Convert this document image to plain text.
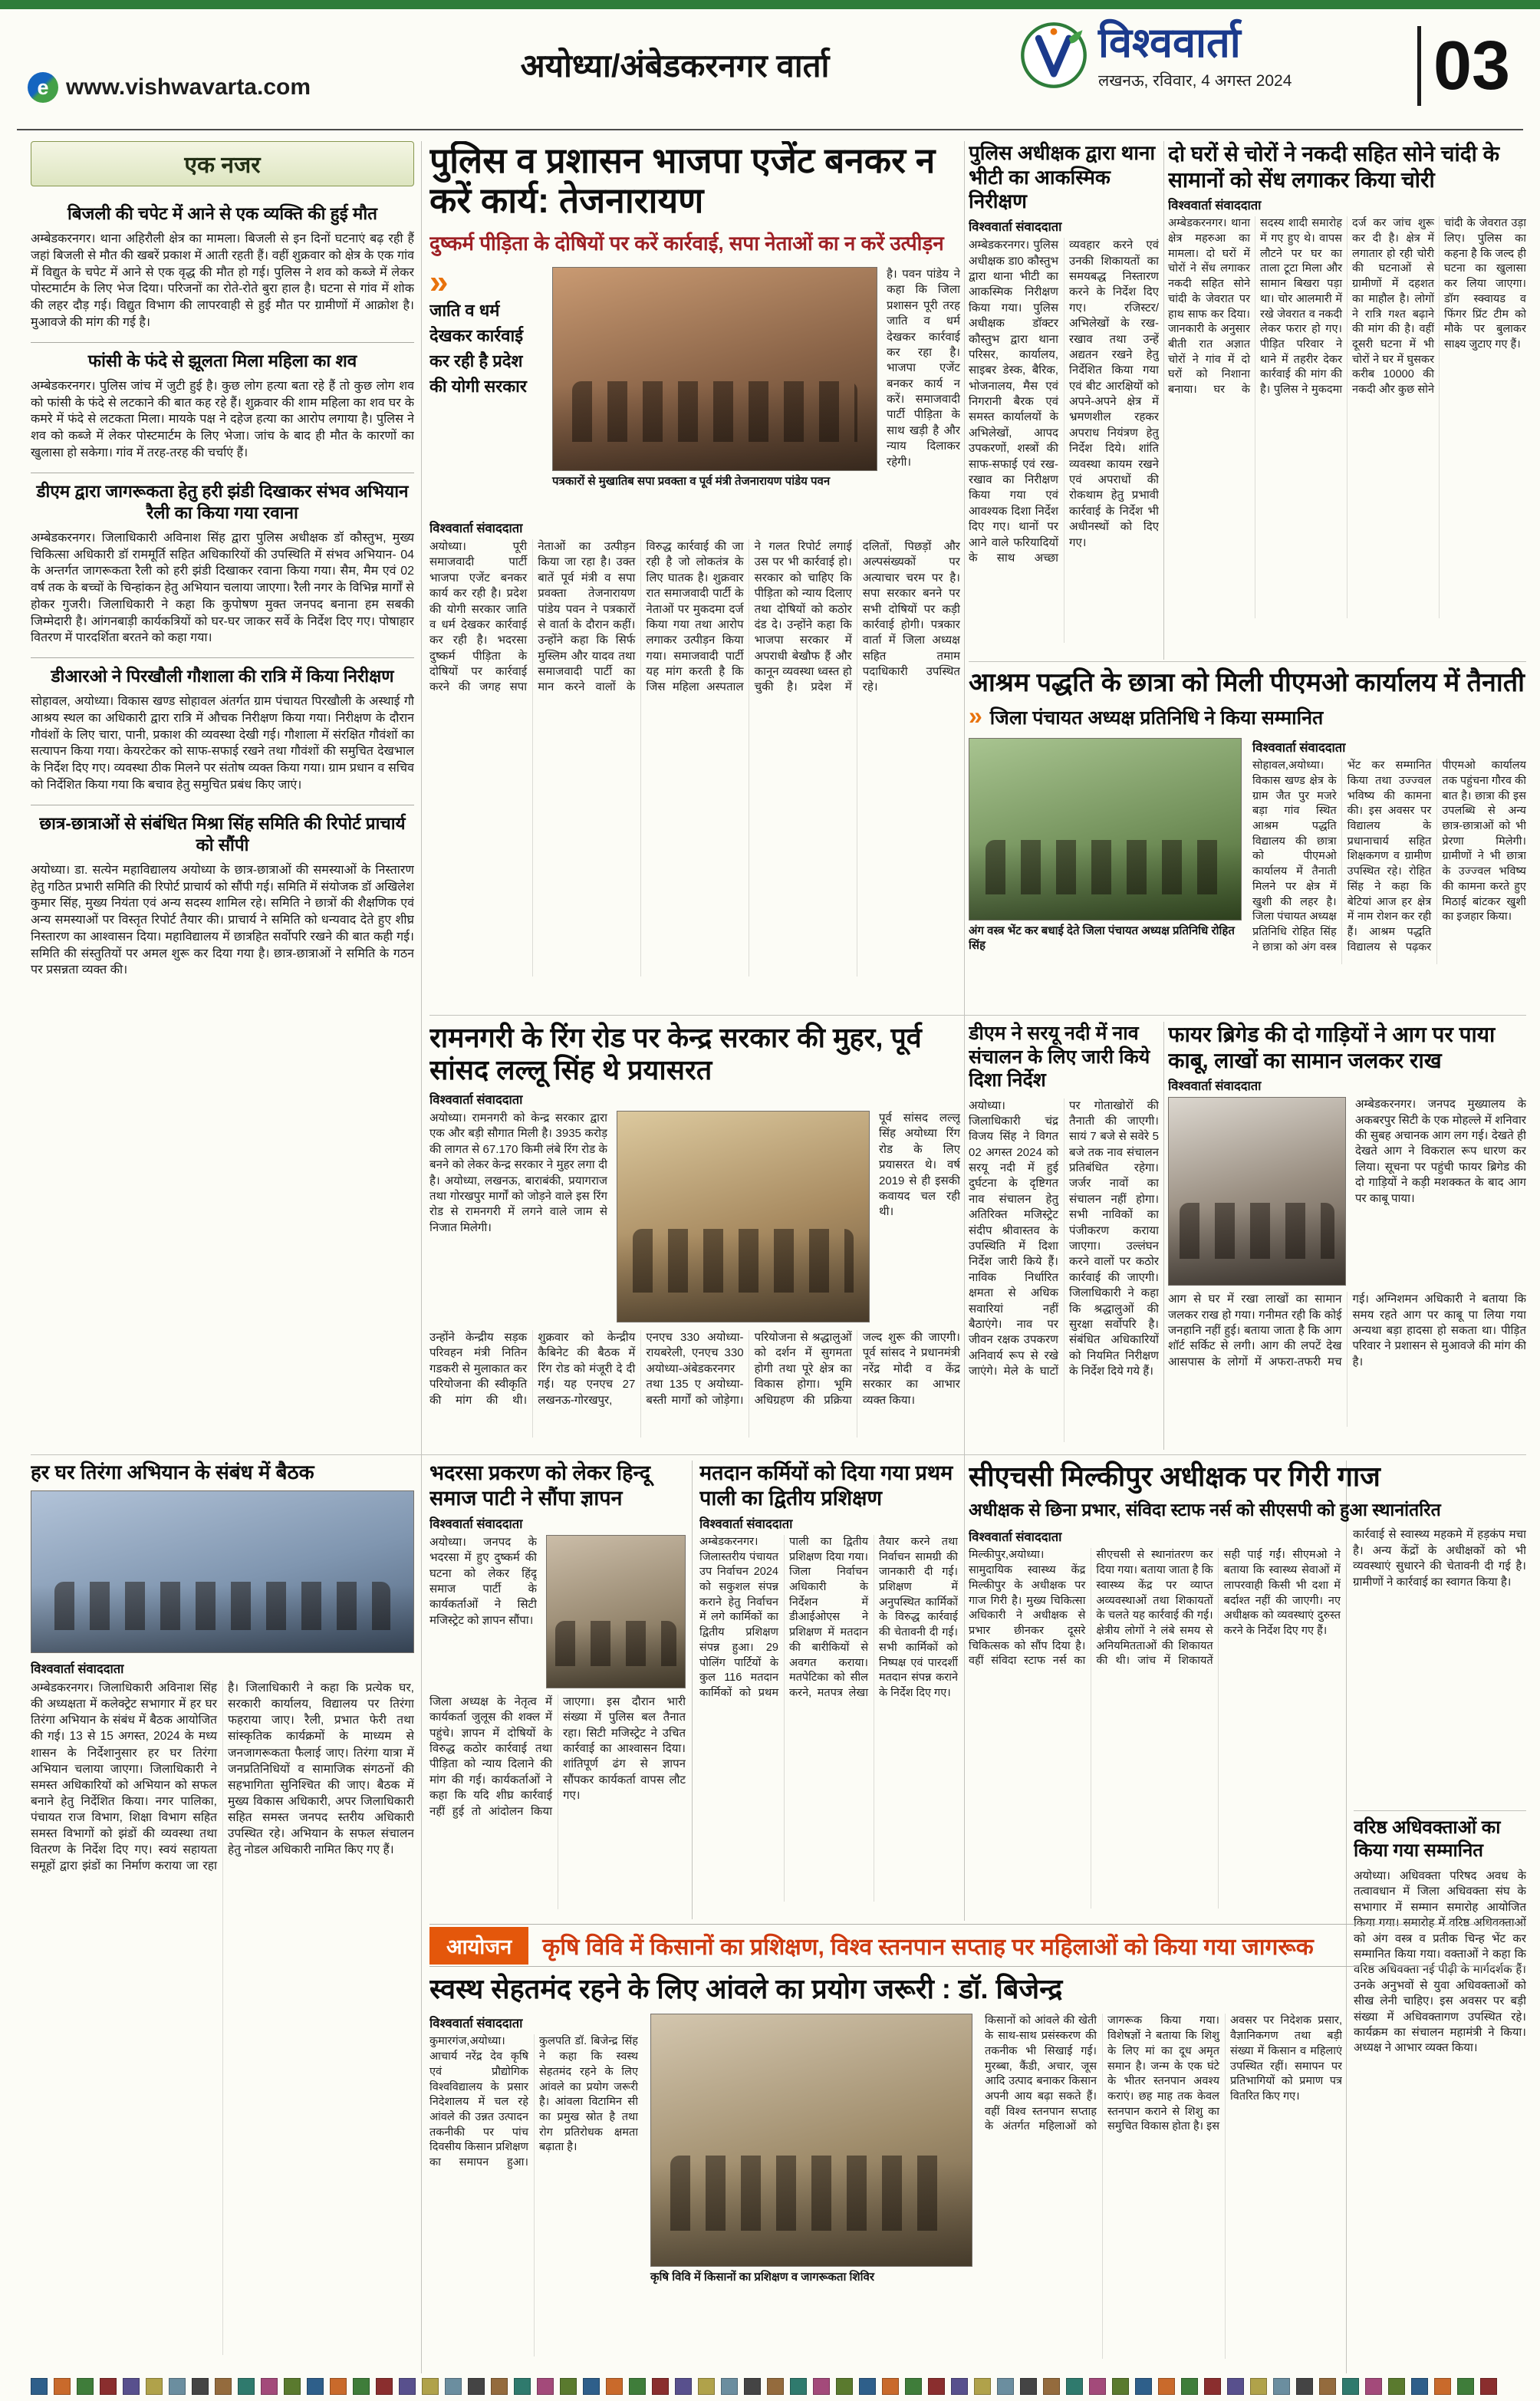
e www.vishwavarta.com
अयोध्या/अंबेडकरनगर वार्ता	विश्ववार्ता
लखनऊ, रविवार, 4 अगस्त 2024 03
एक नजर
बिजली की चपेट में आने से एक व्यक्ति की हुई मौत

अम्बेडकरनगर। थाना अहिरौली क्षेत्र का मामला। बिजली से इन दिनों घटनाएं बढ़ रही हैं जहां बिजली से मौत की खबरें प्रकाश में आती रहती हैं। वहीं शुक्रवार को क्षेत्र के एक गांव में विद्युत के चपेट में आने से एक वृद्ध की मौत हो गई। पुलिस ने शव को कब्जे में लेकर पोस्टमार्टम के लिए भेज दिया। परिजनों का रोते-रोते बुरा हाल है। घटना से गांव में शोक की लहर दौड़ गई। विद्युत विभाग की लापरवाही से हुई मौत पर ग्रामीणों में आक्रोश है। मुआवजे की मांग की गई है।

फांसी के फंदे से झूलता मिला महिला का शव

अम्बेडकरनगर। पुलिस जांच में जुटी हुई है। कुछ लोग हत्या बता रहे हैं तो कुछ लोग शव को फांसी के फंदे से लटकाने की बात कह रहे हैं। शुक्रवार की शाम महिला का शव घर के कमरे में फंदे से लटकता मिला। मायके पक्ष ने दहेज हत्या का आरोप लगाया है। पुलिस ने शव को कब्जे में लेकर पोस्टमार्टम के लिए भेजा। जांच के बाद ही मौत के कारणों का खुलासा हो सकेगा। गांव में तरह-तरह की चर्चाएं हैं।

डीएम द्वारा जागरूकता हेतु हरी झंडी दिखाकर संभव अभियान रैली का किया गया रवाना

अम्बेडकरनगर। जिलाधिकारी अविनाश सिंह द्वारा पुलिस अधीक्षक डॉ कौस्तुभ, मुख्य चिकित्सा अधिकारी डॉ राममूर्ति सहित अधिकारियों की उपस्थिति में संभव अभियान- 04 के अन्तर्गत जागरूकता रैली को हरी झंडी दिखाकर रवाना किया गया। सैम, मैम एवं 02 वर्ष तक के बच्चों के चिन्हांकन हेतु अभियान चलाया जाएगा। रैली नगर के विभिन्न मार्गों से होकर गुजरी। जिलाधिकारी ने कहा कि कुपोषण मुक्त जनपद बनाना हम सबकी जिम्मेदारी है। आंगनबाड़ी कार्यकत्रियों को घर-घर जाकर सर्वे के निर्देश दिए गए। पोषाहार वितरण में पारदर्शिता बरतने को कहा गया।

डीआरओ ने पिरखौली गौशाला की रात्रि में किया निरीक्षण

सोहावल, अयोध्या। विकास खण्ड सोहावल अंतर्गत ग्राम पंचायत पिरखौली के अस्थाई गौ आश्रय स्थल का अधिकारी द्वारा रात्रि में औचक निरीक्षण किया गया। निरीक्षण के दौरान गौवंशों के लिए चारा, पानी, प्रकाश की व्यवस्था देखी गई। गौशाला में संरक्षित गौवंशों का सत्यापन किया गया। केयरटेकर को साफ-सफाई रखने तथा गौवंशों की समुचित देखभाल के निर्देश दिए गए। व्यवस्था ठीक मिलने पर संतोष व्यक्त किया गया। ग्राम प्रधान व सचिव को निर्देशित किया गया कि बचाव हेतु समुचित प्रबंध किए जाएं।

छात्र-छात्राओं से संबंधित मिश्रा सिंह समिति की रिपोर्ट प्राचार्य को सौंपी

अयोध्या। डा. सत्येन महाविद्यालय अयोध्या के छात्र-छात्राओं की समस्याओं के निस्तारण हेतु गठित प्रभारी समिति की रिपोर्ट प्राचार्य को सौंपी गई। समिति में संयोजक डॉ अखिलेश कुमार सिंह, मुख्य नियंता एवं अन्य सदस्य शामिल रहे। समिति ने छात्रों की शैक्षणिक एवं अन्य समस्याओं पर विस्तृत रिपोर्ट तैयार की। प्राचार्य ने समिति को धन्यवाद देते हुए शीघ्र निस्तारण का आश्वासन दिया। महाविद्यालय में छात्रहित सर्वोपरि रखने की बात कही गई। समिति की संस्तुतियों पर अमल शुरू कर दिया गया है। छात्र-छात्राओं ने समिति के गठन पर प्रसन्नता व्यक्त की।

पुलिस व प्रशासन भाजपा एजेंट बनकर न करें कार्य: तेजनारायण
दुष्कर्म पीड़िता के दोषियों पर करें कार्रवाई, सपा नेताओं का न करें उत्पीड़न
»
जाति व धर्म देखकर कार्रवाई कर रही है प्रदेश की योगी सरकार
पत्रकारों से मुखातिब सपा प्रवक्ता व पूर्व मंत्री तेजनारायण पांडेय पवन
है। पवन पांडेय ने कहा कि जिला प्रशासन पूरी तरह जाति व धर्म देखकर कार्रवाई कर रहा है। भाजपा एजेंट बनकर कार्य न करें। समाजवादी पार्टी पीड़िता के साथ खड़ी है और न्याय दिलाकर रहेगी।
विश्ववार्ता संवाददाता
अयोध्या। पूरी समाजवादी पार्टी भाजपा एजेंट बनकर कार्य कर रही है। प्रदेश की योगी सरकार जाति व धर्म देखकर कार्रवाई कर रही है। भदरसा दुष्कर्म पीड़िता के दोषियों पर कार्रवाई करने की जगह सपा नेताओं का उत्पीड़न किया जा रहा है। उक्त बातें पूर्व मंत्री व सपा प्रवक्ता तेजनारायण पांडेय पवन ने पत्रकारों से वार्ता के दौरान कहीं। उन्होंने कहा कि सिर्फ मुस्लिम और यादव तथा समाजवादी पार्टी का मान करने वालों के विरुद्ध कार्रवाई की जा रही है जो लोकतंत्र के लिए घातक है। शुक्रवार रात समाजवादी पार्टी के नेताओं पर मुकदमा दर्ज किया गया तथा आरोप लगाकर उत्पीड़न किया गया। समाजवादी पार्टी यह मांग करती है कि जिस महिला अस्पताल ने गलत रिपोर्ट लगाई उस पर भी कार्रवाई हो। सरकार को चाहिए कि पीड़िता को न्याय दिलाए तथा दोषियों को कठोर दंड दे। उन्होंने कहा कि भाजपा सरकार में अपराधी बेखौफ हैं और कानून व्यवस्था ध्वस्त हो चुकी है। प्रदेश में दलितों, पिछड़ों और अल्पसंख्यकों पर अत्याचार चरम पर है। सपा सरकार बनने पर सभी दोषियों पर कड़ी कार्रवाई होगी। पत्रकार वार्ता में जिला अध्यक्ष सहित तमाम पदाधिकारी उपस्थित रहे।
पुलिस अधीक्षक द्वारा थाना भीटी का आकस्मिक निरीक्षण
विश्ववार्ता संवाददाता
अम्बेडकरनगर। पुलिस अधीक्षक डा0 कौस्तुभ द्वारा थाना भीटी का आकस्मिक निरीक्षण किया गया। पुलिस अधीक्षक डॉक्टर कौस्तुभ द्वारा थाना परिसर, कार्यालय, साइबर डेस्क, बैरिक, भोजनालय, मैस एवं निगरानी बैरक एवं समस्त कार्यालयों के अभिलेखों, आपद उपकरणों, शस्त्रों की साफ-सफाई एवं रख-रखाव का निरीक्षण किया गया एवं आवश्यक दिशा निर्देश दिए गए। थानों पर आने वाले फरियादियों के साथ अच्छा व्यवहार करने एवं उनकी शिकायतों का समयबद्ध निस्तारण करने के निर्देश दिए गए। रजिस्टर/अभिलेखों के रख-रखाव तथा उन्हें अद्यतन रखने हेतु निर्देशित किया गया एवं बीट आरक्षियों को अपने-अपने क्षेत्र में भ्रमणशील रहकर अपराध नियंत्रण हेतु निर्देश दिये। शांति व्यवस्था कायम रखने एवं अपराधों की रोकथाम हेतु प्रभावी कार्रवाई के निर्देश भी अधीनस्थों को दिए गए।
दो घरों से चोरों ने नकदी सहित सोने चांदी के सामानों को सेंध लगाकर किया चोरी
विश्ववार्ता संवाददाता
अम्बेडकरनगर। थाना क्षेत्र महरुआ का मामला। दो घरों में चोरों ने सेंध लगाकर नकदी सहित सोने चांदी के जेवरात पर हाथ साफ कर दिया। जानकारी के अनुसार बीती रात अज्ञात चोरों ने गांव में दो घरों को निशाना बनाया। घर के सदस्य शादी समारोह में गए हुए थे। वापस लौटने पर घर का ताला टूटा मिला और सामान बिखरा पड़ा था। चोर आलमारी में रखे जेवरात व नकदी लेकर फरार हो गए। पीड़ित परिवार ने थाने में तहरीर देकर कार्रवाई की मांग की है। पुलिस ने मुकदमा दर्ज कर जांच शुरू कर दी है। क्षेत्र में लगातार हो रही चोरी की घटनाओं से ग्रामीणों में दहशत का माहौल है। लोगों ने रात्रि गश्त बढ़ाने की मांग की है। वहीं दूसरी घटना में भी चोरों ने घर में घुसकर करीब 10000 की नकदी और कुछ सोने चांदी के जेवरात उड़ा लिए। पुलिस का कहना है कि जल्द ही घटना का खुलासा कर लिया जाएगा। डॉग स्क्वायड व फिंगर प्रिंट टीम को मौके पर बुलाकर साक्ष्य जुटाए गए हैं।
आश्रम पद्धति के छात्रा को मिली पीएमओ कार्यालय में तैनाती
» जिला पंचायत अध्यक्ष प्रतिनिधि ने किया सम्मानित
अंग वस्त्र भेंट कर बधाई देते जिला पंचायत अध्यक्ष प्रतिनिधि रोहित सिंह
विश्ववार्ता संवाददाता
सोहावल,अयोध्या। विकास खण्ड क्षेत्र के ग्राम जैत पुर मजरे बड़ा गांव स्थित आश्रम पद्धति विद्यालय की छात्रा को पीएमओ कार्यालय में तैनाती मिलने पर क्षेत्र में खुशी की लहर है। जिला पंचायत अध्यक्ष प्रतिनिधि रोहित सिंह ने छात्रा को अंग वस्त्र भेंट कर सम्मानित किया तथा उज्ज्वल भविष्य की कामना की। इस अवसर पर विद्यालय के प्रधानाचार्य सहित शिक्षकगण व ग्रामीण उपस्थित रहे। रोहित सिंह ने कहा कि बेटियां आज हर क्षेत्र में नाम रोशन कर रही हैं। आश्रम पद्धति विद्यालय से पढ़कर पीएमओ कार्यालय तक पहुंचना गौरव की बात है। छात्रा की इस उपलब्धि से अन्य छात्र-छात्राओं को भी प्रेरणा मिलेगी। ग्रामीणों ने भी छात्रा के उज्ज्वल भविष्य की कामना करते हुए मिठाई बांटकर खुशी का इजहार किया।
रामनगरी के रिंग रोड पर केन्द्र सरकार की मुहर, पूर्व सांसद लल्लू सिंह थे प्रयासरत
विश्ववार्ता संवाददाता
अयोध्या। रामनगरी को केन्द्र सरकार द्वारा एक और बड़ी सौगात मिली है। 3935 करोड़ की लागत से 67.170 किमी लंबे रिंग रोड के बनने को लेकर केन्द्र सरकार ने मुहर लगा दी है। अयोध्या, लखनऊ, बाराबंकी, प्रयागराज तथा गोरखपुर मार्गों को जोड़ने वाले इस रिंग रोड से रामनगरी में लगने वाले जाम से निजात मिलेगी।
पूर्व सांसद लल्लू सिंह अयोध्या रिंग रोड के लिए प्रयासरत थे। वर्ष 2019 से ही इसकी कवायद चल रही थी।
उन्होंने केन्द्रीय सड़क परिवहन मंत्री नितिन गडकरी से मुलाकात कर परियोजना की स्वीकृति की मांग की थी। शुक्रवार को केन्द्रीय कैबिनेट की बैठक में रिंग रोड को मंजूरी दे दी गई। यह एनएच 27 लखनऊ-गोरखपुर, एनएच 330 अयोध्या-रायबरेली, एनएच 330 अयोध्या-अंबेडकरनगर तथा 135 ए अयोध्या-बस्ती मार्गों को जोड़ेगा। परियोजना से श्रद्धालुओं को दर्शन में सुगमता होगी तथा पूरे क्षेत्र का विकास होगा। भूमि अधिग्रहण की प्रक्रिया जल्द शुरू की जाएगी। पूर्व सांसद ने प्रधानमंत्री नरेंद्र मोदी व केंद्र सरकार का आभार व्यक्त किया।
डीएम ने सरयू नदी में नाव संचालन के लिए जारी किये दिशा निर्देश
अयोध्या। जिलाधिकारी चंद्र विजय सिंह ने विगत 02 अगस्त 2024 को सरयू नदी में हुई दुर्घटना के दृष्टिगत नाव संचालन हेतु अतिरिक्त मजिस्ट्रेट संदीप श्रीवास्तव के उपस्थिति में दिशा निर्देश जारी किये हैं। नाविक निर्धारित क्षमता से अधिक सवारियां नहीं बैठाएंगे। नाव पर जीवन रक्षक उपकरण अनिवार्य रूप से रखे जाएंगे। मेले के घाटों पर गोताखोरों की तैनाती की जाएगी। सायं 7 बजे से सवेरे 5 बजे तक नाव संचालन प्रतिबंधित रहेगा। जर्जर नावों का संचालन नहीं होगा। सभी नाविकों का पंजीकरण कराया जाएगा। उल्लंघन करने वालों पर कठोर कार्रवाई की जाएगी। जिलाधिकारी ने कहा कि श्रद्धालुओं की सुरक्षा सर्वोपरि है। संबंधित अधिकारियों को नियमित निरीक्षण के निर्देश दिये गये हैं।
फायर ब्रिगेड की दो गाड़ियों ने आग पर पाया काबू, लाखों का सामान जलकर राख
विश्ववार्ता संवाददाता
अम्बेडकरनगर। जनपद मुख्यालय के अकबरपुर सिटी के एक मोहल्ले में शनिवार की सुबह अचानक आग लग गई। देखते ही देखते आग ने विकराल रूप धारण कर लिया। सूचना पर पहुंची फायर ब्रिगेड की दो गाड़ियों ने कड़ी मशक्कत के बाद आग पर काबू पाया।
आग से घर में रखा लाखों का सामान जलकर राख हो गया। गनीमत रही कि कोई जनहानि नहीं हुई। बताया जाता है कि आग शॉर्ट सर्किट से लगी। आग की लपटें देख आसपास के लोगों में अफरा-तफरी मच गई। अग्निशमन अधिकारी ने बताया कि समय रहते आग पर काबू पा लिया गया अन्यथा बड़ा हादसा हो सकता था। पीड़ित परिवार ने प्रशासन से मुआवजे की मांग की है।
हर घर तिरंगा अभियान के संबंध में बैठक
विश्ववार्ता संवाददाता
अम्बेडकरनगर। जिलाधिकारी अविनाश सिंह की अध्यक्षता में कलेक्ट्रेट सभागार में हर घर तिरंगा अभियान के संबंध में बैठक आयोजित की गई। 13 से 15 अगस्त, 2024 के मध्य शासन के निर्देशानुसार हर घर तिरंगा अभियान चलाया जाएगा। जिलाधिकारी ने समस्त अधिकारियों को अभियान को सफल बनाने हेतु निर्देशित किया। नगर पालिका, पंचायत राज विभाग, शिक्षा विभाग सहित समस्त विभागों को झंडों की व्यवस्था तथा वितरण के निर्देश दिए गए। स्वयं सहायता समूहों द्वारा झंडों का निर्माण कराया जा रहा है। जिलाधिकारी ने कहा कि प्रत्येक घर, सरकारी कार्यालय, विद्यालय पर तिरंगा फहराया जाए। रैली, प्रभात फे‍री तथा सांस्कृतिक कार्यक्रमों के माध्यम से जनजागरूकता फैलाई जाए। तिरंगा यात्रा में जनप्रतिनिधियों व सामाजिक संगठनों की सहभागिता सुनिश्चित की जाए। बैठक में मुख्य विकास अधिकारी, अपर जिलाधिकारी सहित समस्त जनपद स्तरीय अधिकारी उपस्थित रहे। अभियान के सफल संचालन हेतु नोडल अधिकारी नामित किए गए हैं।
भदरसा प्रकरण को लेकर हिन्दू समाज पाटी ने सौंपा ज्ञापन
विश्ववार्ता संवाददाता
अयोध्या। जनपद के भदरसा में हुए दुष्कर्म की घटना को लेकर हिंदू समाज पार्टी के कार्यकर्ताओं ने सिटी मजिस्ट्रेट को ज्ञापन सौंपा।
जिला अध्यक्ष के नेतृत्व में कार्यकर्ता जुलूस की शक्ल में पहुंचे। ज्ञापन में दोषियों के विरुद्ध कठोर कार्रवाई तथा पीड़िता को न्याय दिलाने की मांग की गई। कार्यकर्ताओं ने कहा कि यदि शीघ्र कार्रवाई नहीं हुई तो आंदोलन किया जाएगा। इस दौरान भारी संख्या में पुलिस बल तैनात रहा। सिटी मजिस्ट्रेट ने उचित कार्रवाई का आश्वासन दिया। शांतिपूर्ण ढंग से ज्ञापन सौंपकर कार्यकर्ता वापस लौट गए।
मतदान कर्मियों को दिया गया प्रथम पाली का द्वितीय प्रशिक्षण
विश्ववार्ता संवाददाता
अम्बेडकरनगर। जिलास्तरीय पंचायत उप निर्वाचन 2024 को सकुशल संपन्न कराने हेतु निर्वाचन में लगे कार्मिकों का द्वितीय प्रशिक्षण संपन्न हुआ। 29 पोलिंग पार्टियों के कुल 116 मतदान कार्मिकों को प्रथम पाली का द्वितीय प्रशिक्षण दिया गया। जिला निर्वाचन अधिकारी के निर्देशन में डीआईओएस ने प्रशिक्षण में मतदान की बारीकियों से अवगत कराया। मतपेटिका को सील करने, मतपत्र लेखा तैयार करने तथा निर्वाचन सामग्री की जानकारी दी गई। प्रशिक्षण में अनुपस्थित कार्मिकों के विरुद्ध कार्रवाई की चेतावनी दी गई। सभी कार्मिकों को निष्पक्ष एवं पारदर्शी मतदान संपन्न कराने के निर्देश दिए गए।
सीएचसी मिल्कीपुर अधीक्षक पर गिरी गाज
अधीक्षक से छिना प्रभार, संविदा स्टाफ नर्स को सीएसपी को हुआ स्थानांतरित
विश्ववार्ता संवाददाता
मिल्कीपुर,अयोध्या। सामुदायिक स्वास्थ्य केंद्र मिल्कीपुर के अधीक्षक पर गाज गिरी है। मुख्य चिकित्सा अधिकारी ने अधीक्षक से प्रभार छीनकर दूसरे चिकित्सक को सौंप दिया है। वहीं संविदा स्टाफ नर्स का सीएचसी से स्थानांतरण कर दिया गया। बताया जाता है कि स्वास्थ्य केंद्र पर व्याप्त अव्यवस्थाओं तथा शिकायतों के चलते यह कार्रवाई की गई। क्षेत्रीय लोगों ने लंबे समय से अनियमितताओं की शिकायत की थी। जांच में शिकायतें सही पाई गईं। सीएमओ ने बताया कि स्वास्थ्य सेवाओं में लापरवाही किसी भी दशा में बर्दाश्त नहीं की जाएगी। नए अधीक्षक को व्यवस्थाएं दुरुस्त करने के निर्देश दिए गए हैं।
कार्रवाई से स्वास्थ्य महकमे में हड़कंप मचा है। अन्य केंद्रों के अधीक्षकों को भी व्यवस्थाएं सुधारने की चेतावनी दी गई है। ग्रामीणों ने कार्रवाई का स्वागत किया है।
वरिष्ठ अधिवक्ताओं का किया गया सम्मानित
अयोध्या। अधिवक्ता परिषद अवध के तत्वावधान में जिला अधिवक्ता संघ के सभागार में सम्मान समारोह आयोजित किया गया। समारोह में वरिष्ठ अधिवक्ताओं को अंग वस्त्र व प्रतीक चिन्ह भेंट कर सम्मानित किया गया। वक्ताओं ने कहा कि वरिष्ठ अधिवक्ता नई पीढ़ी के मार्गदर्शक हैं। उनके अनुभवों से युवा अधिवक्ताओं को सीख लेनी चाहिए। इस अवसर पर बड़ी संख्या में अधिवक्तागण उपस्थित रहे। कार्यक्रम का संचालन महामंत्री ने किया। अध्यक्ष ने आभार व्यक्त किया।
आयोजन	कृषि विवि में किसानों का प्रशिक्षण, विश्व स्तनपान सप्ताह पर महिलाओं को किया गया जागरूक
स्वस्थ सेहतमंद रहने के लिए आंवले का प्रयोग जरूरी : डॉ. बिजेन्द्र
विश्ववार्ता संवाददाता
कुमारगंज,अयोध्या। आचार्य नरेंद्र देव कृषि एवं प्रौद्योगिक विश्वविद्यालय के प्रसार निदेशालय में चल रहे आंवले की उन्नत उत्पादन तकनीकी पर पांच दिवसीय किसान प्रशिक्षण का समापन हुआ। कुलपति डॉ. बिजेन्द्र सिंह ने कहा कि स्वस्थ सेहतमंद रहने के लिए आंवले का प्रयोग जरूरी है। आंवला विटामिन सी का प्रमुख स्रोत है तथा रोग प्रतिरोधक क्षमता बढ़ाता है।
कृषि विवि में किसानों का प्रशिक्षण व जागरूकता शिविर
किसानों को आंवले की खेती के साथ-साथ प्रसंस्करण की तकनीक भी सिखाई गई। मुरब्बा, कैंडी, अचार, जूस आदि उत्पाद बनाकर किसान अपनी आय बढ़ा सकते हैं। वहीं विश्व स्तनपान सप्ताह के अंतर्गत महिलाओं को जागरूक किया गया। विशेषज्ञों ने बताया कि शिशु के लिए मां का दूध अमृत समान है। जन्म के एक घंटे के भीतर स्तनपान अवश्य कराएं। छह माह तक केवल स्तनपान कराने से शिशु का समुचित विकास होता है। इस अवसर पर निदेशक प्रसार, वैज्ञानिकगण तथा बड़ी संख्या में किसान व महिलाएं उपस्थित रहीं। समापन पर प्रतिभागियों को प्रमाण पत्र वितरित किए गए।
